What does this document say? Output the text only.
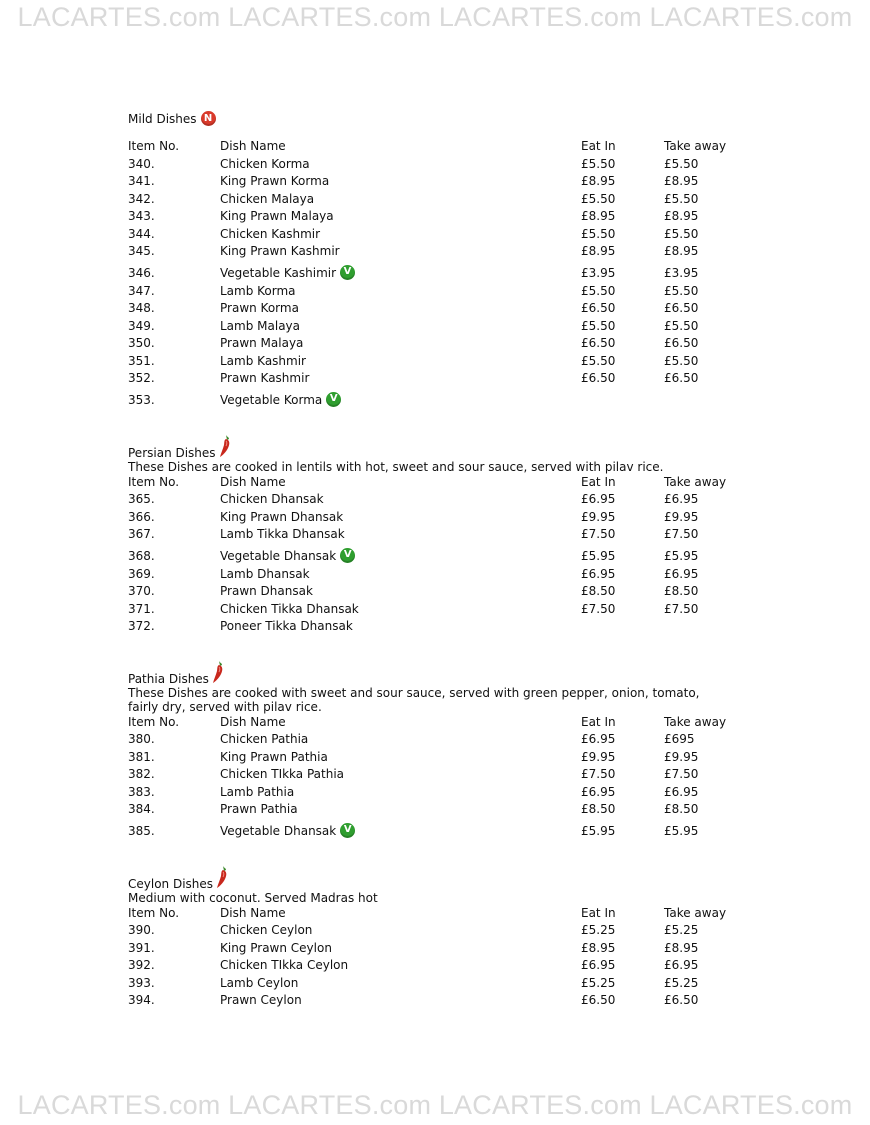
LACARTES.com LACARTES.com LACARTES.com LACARTES.com
Mild Dishes N
Item No.	Dish Name	Eat In	Take away
340.	Chicken Korma	£5.50	£5.50
341.	King Prawn Korma	£8.95	£8.95
342.	Chicken Malaya	£5.50	£5.50
343.	King Prawn Malaya	£8.95	£8.95
344.	Chicken Kashmir	£5.50	£5.50
345.	King Prawn Kashmir	£8.95	£8.95
346.	Vegetable Kashimir V	£3.95	£3.95
347.	Lamb Korma	£5.50	£5.50
348.	Prawn Korma	£6.50	£6.50
349.	Lamb Malaya	£5.50	£5.50
350.	Prawn Malaya	£6.50	£6.50
351.	Lamb Kashmir	£5.50	£5.50
352.	Prawn Kashmir	£6.50	£6.50
353.	Vegetable Korma V
Persian Dishes
These Dishes are cooked in lentils with hot, sweet and sour sauce, served with pilav rice.
Item No.	Dish Name	Eat In	Take away
365.	Chicken Dhansak	£6.95	£6.95
366.	King Prawn Dhansak	£9.95	£9.95
367.	Lamb Tikka Dhansak	£7.50	£7.50
368.	Vegetable Dhansak V	£5.95	£5.95
369.	Lamb Dhansak	£6.95	£6.95
370.	Prawn Dhansak	£8.50	£8.50
371.	Chicken Tikka Dhansak	£7.50	£7.50
372.	Poneer Tikka Dhansak
Pathia Dishes
These Dishes are cooked with sweet and sour sauce, served with green pepper, onion, tomato, fairly dry, served with pilav rice.
Item No.	Dish Name	Eat In	Take away
380.	Chicken Pathia	£6.95	£695
381.	King Prawn Pathia	£9.95	£9.95
382.	Chicken TIkka Pathia	£7.50	£7.50
383.	Lamb Pathia	£6.95	£6.95
384.	Prawn Pathia	£8.50	£8.50
385.	Vegetable Dhansak V	£5.95	£5.95
Ceylon Dishes
Medium with coconut. Served Madras hot
Item No.	Dish Name	Eat In	Take away
390.	Chicken Ceylon	£5.25	£5.25
391.	King Prawn Ceylon	£8.95	£8.95
392.	Chicken TIkka Ceylon	£6.95	£6.95
393.	Lamb Ceylon	£5.25	£5.25
394.	Prawn Ceylon	£6.50	£6.50
LACARTES.com LACARTES.com LACARTES.com LACARTES.com
